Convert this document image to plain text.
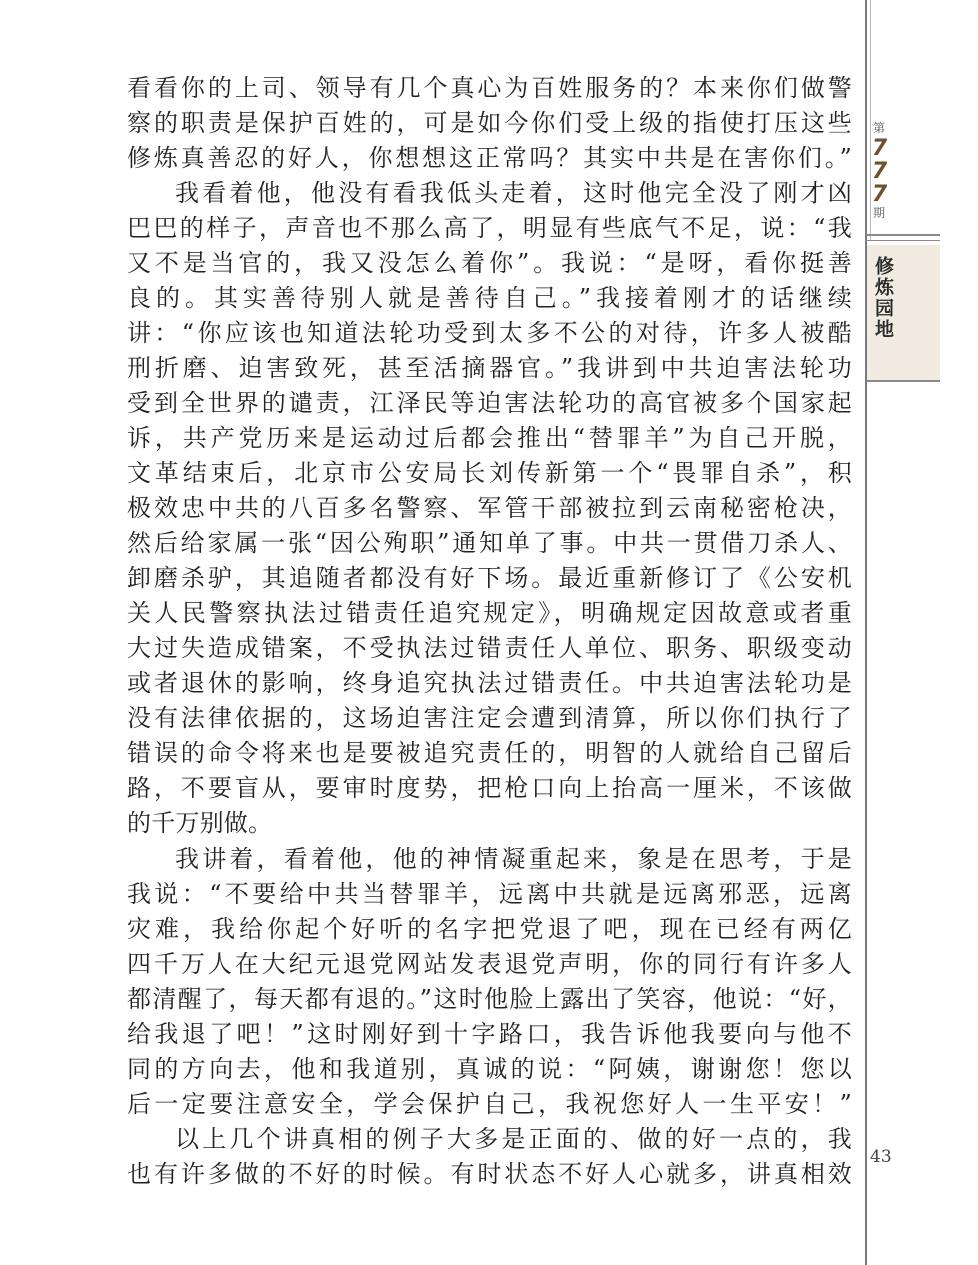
第
777
期
修炼园地
看看你的上司、领导有几个真心为百姓服务的？本来你们做警
察的职责是保护百姓的，可是如今你们受上级的指使打压这些
修炼真善忍的好人，你想想这正常吗？其实中共是在害你们。”
我看着他，他没有看我低头走着，这时他完全没了刚才凶
巴巴的样子，声音也不那么高了，明显有些底气不足，说：“我
又不是当官的，我又没怎么着你”。我说：“是呀，看你挺善
良的。其实善待别人就是善待自己。”我接着刚才的话继续
讲：“你应该也知道法轮功受到太多不公的对待，许多人被酷
刑折磨、迫害致死，甚至活摘器官。”我讲到中共迫害法轮功
受到全世界的谴责，江泽民等迫害法轮功的高官被多个国家起
诉，共产党历来是运动过后都会推出“替罪羊”为自己开脱，
文革结束后，北京市公安局长刘传新第一个“畏罪自杀”，积
极效忠中共的八百多名警察、军管干部被拉到云南秘密枪决，
然后给家属一张“因公殉职”通知单了事。中共一贯借刀杀人、
卸磨杀驴，其追随者都没有好下场。最近重新修订了《公安机
关人民警察执法过错责任追究规定》，明确规定因故意或者重
大过失造成错案，不受执法过错责任人单位、职务、职级变动
或者退休的影响，终身追究执法过错责任。中共迫害法轮功是
没有法律依据的，这场迫害注定会遭到清算，所以你们执行了
错误的命令将来也是要被追究责任的，明智的人就给自己留后
路，不要盲从，要审时度势，把枪口向上抬高一厘米，不该做
的千万别做。
我讲着，看着他，他的神情凝重起来，象是在思考，于是
我说：“不要给中共当替罪羊，远离中共就是远离邪恶，远离
灾难，我给你起个好听的名字把党退了吧，现在已经有两亿
四千万人在大纪元退党网站发表退党声明，你的同行有许多人
都清醒了，每天都有退的。”这时他脸上露出了笑容，他说：“好，
给我退了吧！”这时刚好到十字路口，我告诉他我要向与他不
同的方向去，他和我道别，真诚的说：“阿姨，谢谢您！您以
后一定要注意安全，学会保护自己，我祝您好人一生平安！”
以上几个讲真相的例子大多是正面的、做的好一点的，我
也有许多做的不好的时候。有时状态不好人心就多，讲真相效
43
